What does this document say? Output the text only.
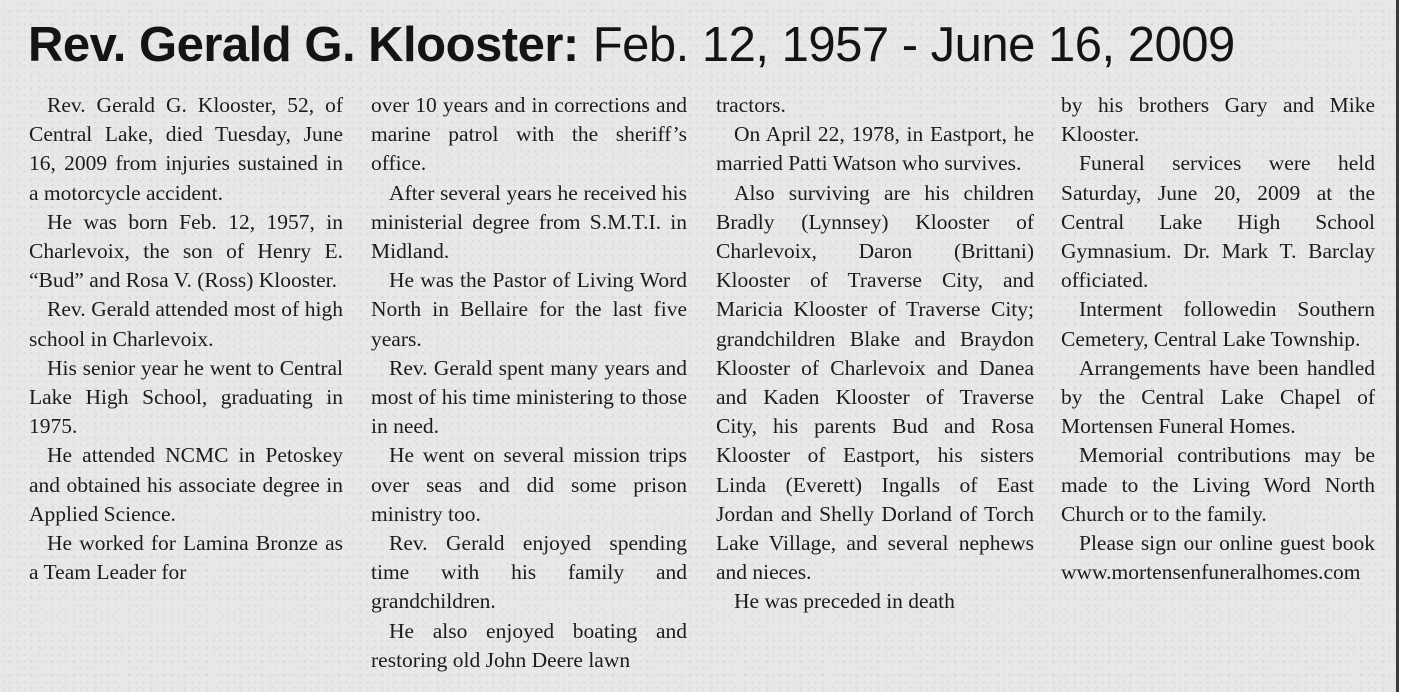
Rev. Gerald G. Klooster: Feb. 12, 1957 - June 16, 2009

Rev. Gerald G. Klooster, 52, of Central Lake, died Tuesday, June 16, 2009 from injuries sustained in a motorcycle accident.

He was born Feb. 12, 1957, in Charlevoix, the son of Henry E. “Bud” and Rosa V. (Ross) Klooster.

Rev. Gerald attended most of high school in Charlevoix.

His senior year he went to Central Lake High School, graduating in 1975.

He attended NCMC in Petoskey and obtained his associate degree in Applied Science.

He worked for Lamina Bronze as a Team Leader for

over 10 years and in corrections and marine patrol with the sheriff’s office.

After several years he received his ministerial degree from S.M.T.I. in Midland.

He was the Pastor of Living Word North in Bellaire for the last five years.

Rev. Gerald spent many years and most of his time ministering to those in need.

He went on several mission trips over seas and did some prison ministry too.

Rev. Gerald enjoyed spending time with his family and grandchildren.

He also enjoyed boating and restoring old John Deere lawn

tractors.

On April 22, 1978, in Eastport, he married Patti Watson who survives.

Also surviving are his children Bradly (Lynnsey) Klooster of Charlevoix, Daron (Brittani) Klooster of Traverse City, and Maricia Klooster of Traverse City; grandchildren Blake and Braydon Klooster of Charlevoix and Danea and Kaden Klooster of Traverse City, his parents Bud and Rosa Klooster of Eastport, his sisters Linda (Everett) Ingalls of East Jordan and Shelly Dorland of Torch Lake Village, and several nephews and nieces.

He was preceded in death

by his brothers Gary and Mike Klooster.

Funeral services were held Saturday, June 20, 2009 at the Central Lake High School Gymnasium. Dr. Mark T. Barclay officiated.

Interment followedin Southern Cemetery, Central Lake Township.

Arrangements have been handled by the Central Lake Chapel of Mortensen Funeral Homes.

Memorial contributions may be made to the Living Word North Church or to the family.

Please sign our online guest book www.mortensenfuneralhomes.com
